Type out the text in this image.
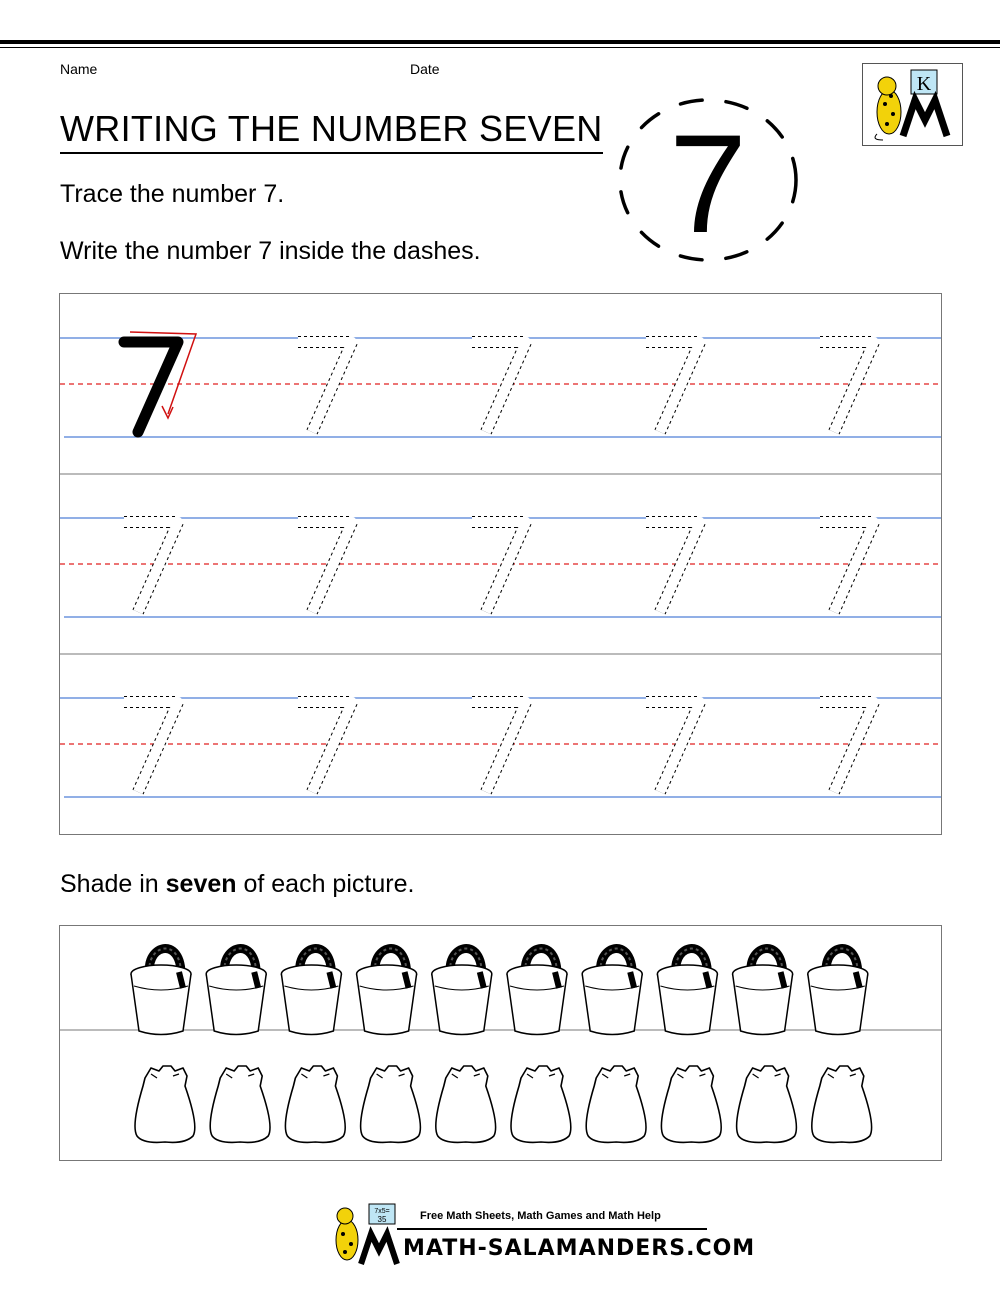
Name	Date
WRITING THE NUMBER SEVEN 7
K
Trace the number 7.
Write the number 7 inside the dashes.
Shade in seven of each picture.
7x5=
35	Free Math Sheets, Math Games and Math Help
MATH-SALAMANDERS.COM
